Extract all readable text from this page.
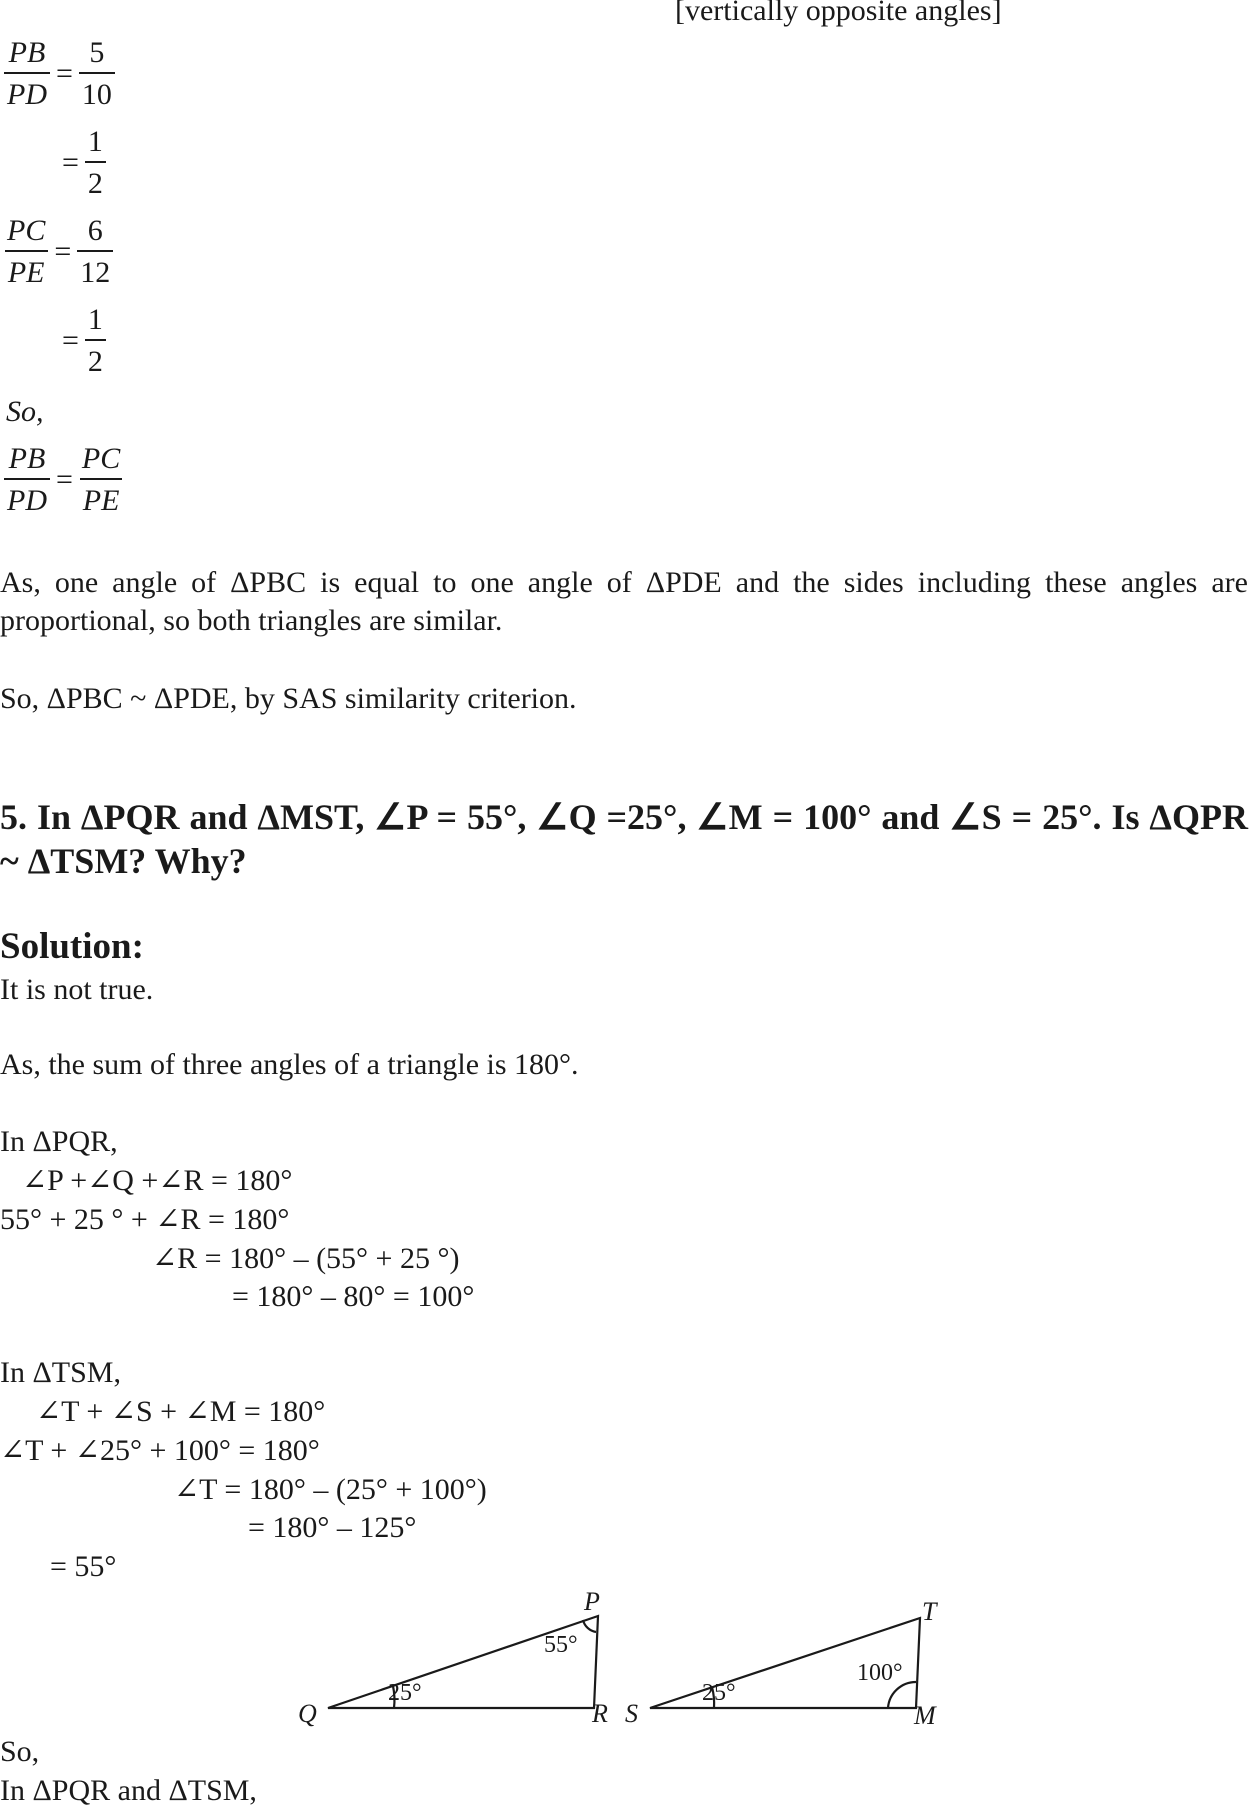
[vertically opposite angles]
$\frac{PB}{PD} = \frac{5}{10}$
= $\frac{1}{2}$
$\frac{PC}{PE} = \frac{6}{12}$
= $\frac{1}{2}$
So,
$\frac{PB}{PD} = \frac{PC}{PE}$
As, one angle of ΔPBC is equal to one angle of ΔPDE and the sides including these angles are proportional, so both triangles are similar.
So, ΔPBC ~ ΔPDE, by SAS similarity criterion.
5. In ΔPQR and ΔMST, ∠P = 55°, ∠Q =25°, ∠M = 100° and ∠S = 25°. Is ΔQPR ~ ΔTSM? Why?
Solution:
It is not true.
As, the sum of three angles of a triangle is 180°.
In ΔPQR,
∠P +∠Q +∠R = 180°
55° + 25 ° + ∠R = 180°
∠R = 180° – (55° + 25 °)
= 180° – 80° = 100°
In ΔTSM,
∠T + ∠S + ∠M = 180°
∠T + ∠25° + 100° = 180°
∠T = 180° – (25° + 100°)
= 180° – 125°
= 55°
P
Q	R
55°
25°
T
S	M
100°
25°
So,
In ΔPQR and ΔTSM,
